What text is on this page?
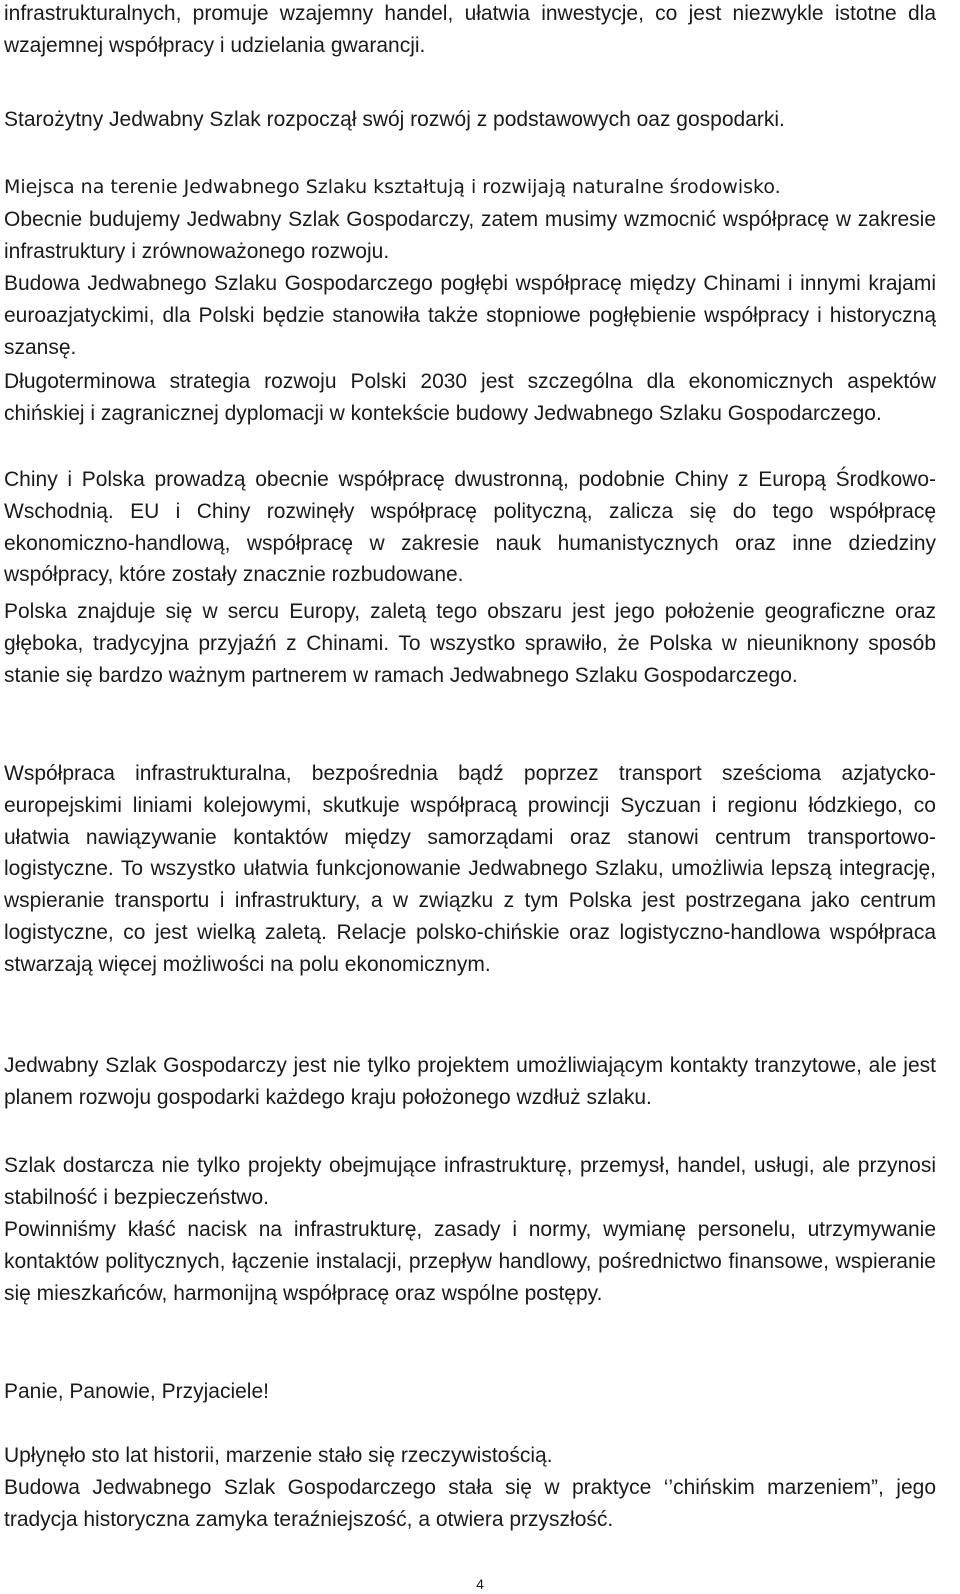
infrastrukturalnych, promuje wzajemny handel, ułatwia inwestycje, co jest niezwykle istotne dla wzajemnej współpracy i udzielania gwarancji.

Starożytny Jedwabny Szlak rozpoczął swój rozwój z podstawowych oaz gospodarki.

Miejsca na terenie Jedwabnego Szlaku kształtują i rozwijają naturalne środowisko.

Obecnie budujemy Jedwabny Szlak Gospodarczy, zatem musimy wzmocnić współpracę w zakresie infrastruktury i zrównoważonego rozwoju.

Budowa Jedwabnego Szlaku Gospodarczego pogłębi współpracę między Chinami i innymi krajami euroazjatyckimi, dla Polski będzie stanowiła także stopniowe pogłębienie współpracy i historyczną szansę.

Długoterminowa strategia rozwoju Polski 2030 jest szczególna dla ekonomicznych aspektów chińskiej i zagranicznej dyplomacji w kontekście budowy Jedwabnego Szlaku Gospodarczego.

Chiny i Polska prowadzą obecnie współpracę dwustronną, podobnie Chiny z Europą Środkowo-Wschodnią. EU i Chiny rozwinęły współpracę polityczną, zalicza się do tego współpracę ekonomiczno-handlową, współpracę w zakresie nauk humanistycznych oraz inne dziedziny współpracy, które zostały znacznie rozbudowane.

Polska znajduje się w sercu Europy, zaletą tego obszaru jest jego położenie geograficzne oraz głęboka, tradycyjna przyjaźń z Chinami. To wszystko sprawiło, że Polska w nieuniknony sposób stanie się bardzo ważnym partnerem w ramach Jedwabnego Szlaku Gospodarczego.

Współpraca infrastrukturalna, bezpośrednia bądź poprzez transport sześcioma azjatycko-europejskimi liniami kolejowymi, skutkuje współpracą prowincji Syczuan i regionu łódzkiego, co ułatwia nawiązywanie kontaktów między samorządami oraz stanowi centrum transportowo-logistyczne. To wszystko ułatwia funkcjonowanie Jedwabnego Szlaku, umożliwia lepszą integrację, wspieranie transportu i infrastruktury, a w związku z tym Polska jest postrzegana jako centrum logistyczne, co jest wielką zaletą. Relacje polsko-chińskie oraz logistyczno-handlowa współpraca stwarzają więcej możliwości na polu ekonomicznym.

Jedwabny Szlak Gospodarczy jest nie tylko projektem umożliwiającym kontakty tranzytowe, ale jest planem rozwoju gospodarki każdego kraju położonego wzdłuż szlaku.

Szlak dostarcza nie tylko projekty obejmujące infrastrukturę, przemysł, handel, usługi, ale przynosi stabilność i bezpieczeństwo.

Powinniśmy kłaść nacisk na infrastrukturę, zasady i normy, wymianę personelu, utrzymywanie kontaktów politycznych, łączenie instalacji, przepływ handlowy, pośrednictwo finansowe, wspieranie się mieszkańców, harmonijną współpracę oraz wspólne postępy.

Panie, Panowie, Przyjaciele!

Upłynęło sto lat historii, marzenie stało się rzeczywistością.

Budowa Jedwabnego Szlak Gospodarczego stała się w praktyce ‘’chińskim marzeniem”, jego tradycja historyczna zamyka teraźniejszość, a otwiera przyszłość.

4
